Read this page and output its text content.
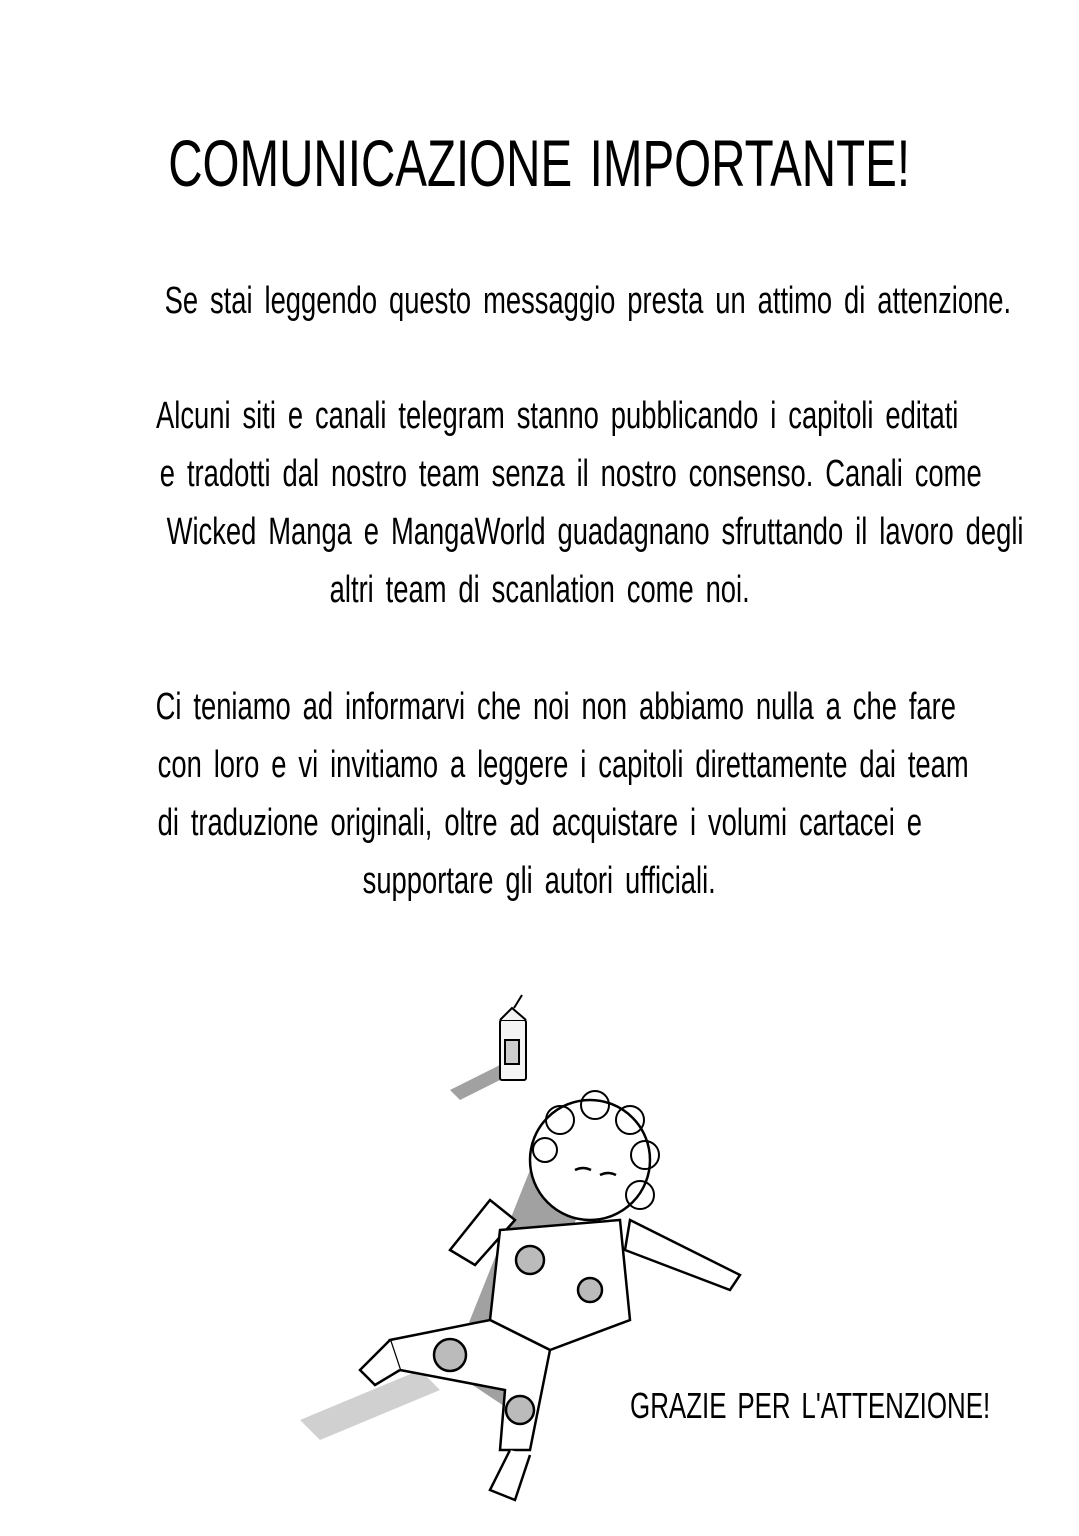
COMUNICAZIONE IMPORTANTE!
Se stai leggendo questo messaggio presta un attimo di attenzione.
Alcuni siti e canali telegram stanno pubblicando i capitoli editati
e tradotti dal nostro team senza il nostro consenso. Canali come
Wicked Manga e MangaWorld guadagnano sfruttando il lavoro degli
altri team di scanlation come noi.
Ci teniamo ad informarvi che noi non abbiamo nulla a che fare
con loro e vi invitiamo a leggere i capitoli direttamente dai team
di traduzione originali, oltre ad acquistare i volumi cartacei e
supportare gli autori ufficiali.
GRAZIE PER L'ATTENZIONE!
